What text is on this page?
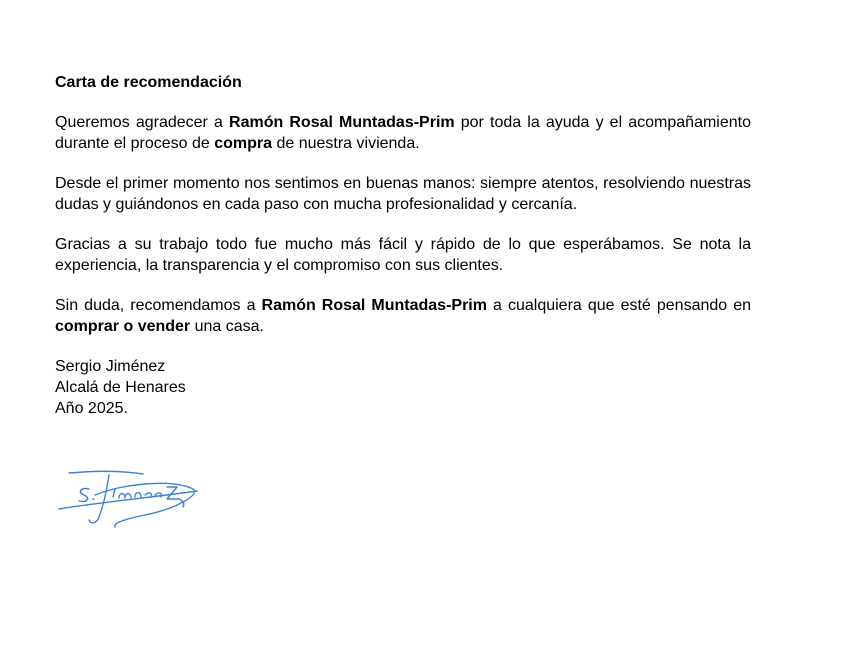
Carta de recomendación

Queremos agradecer a Ramón Rosal Muntadas-Prim por toda la ayuda y el acompañamiento durante el proceso de compra de nuestra vivienda.

Desde el primer momento nos sentimos en buenas manos: siempre atentos, resolviendo nuestras dudas y guiándonos en cada paso con mucha profesionalidad y cercanía.

Gracias a su trabajo todo fue mucho más fácil y rápido de lo que esperábamos. Se nota la experiencia, la transparencia y el compromiso con sus clientes.

Sin duda, recomendamos a Ramón Rosal Muntadas-Prim a cualquiera que esté pensando en comprar o vender una casa.

Sergio Jiménez
Alcalá de Henares
Año 2025.
